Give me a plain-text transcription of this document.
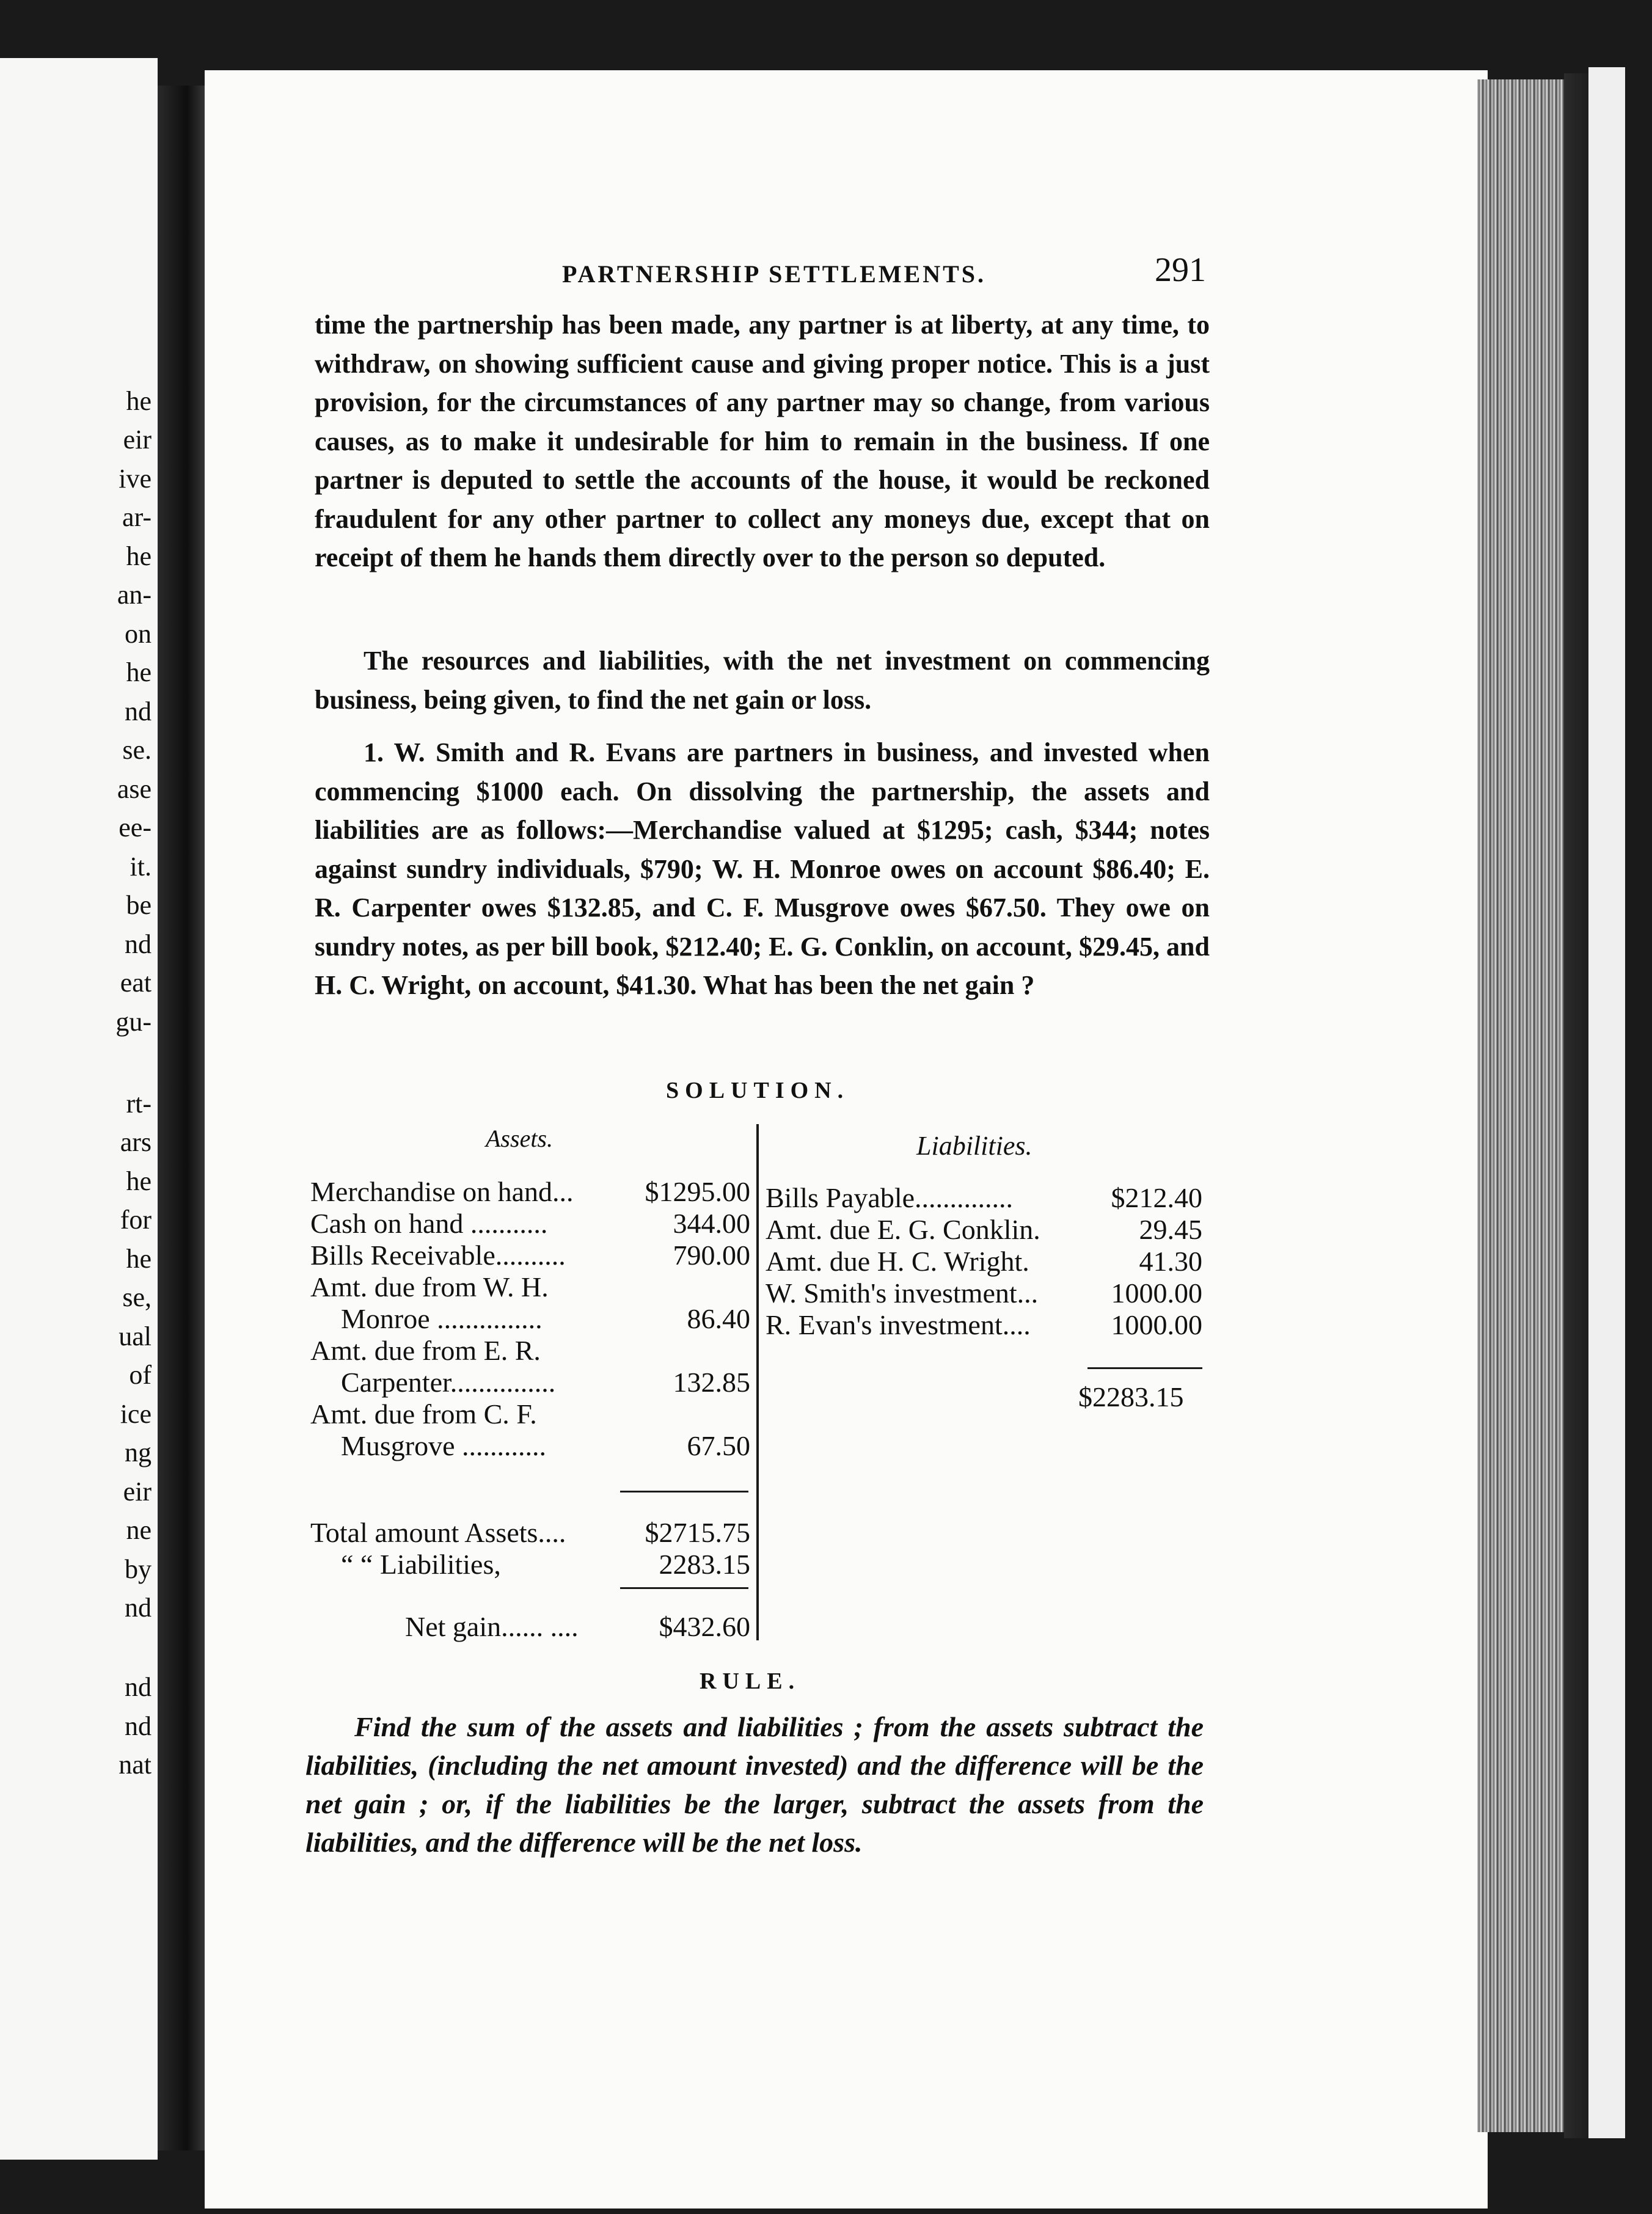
he
eir
ive
ar-
he
an-
on
he
nd
se.
ase
ee-
it.
be
nd
eat
gu-
rt-
ars
he
for
he
se,
ual
of
ice
ng
eir
ne
by
nd
nd
nd
nat
PARTNERSHIP SETTLEMENTS.	291
time the partnership has been made, any partner is at liberty, at any time, to withdraw, on showing sufficient cause and giving proper notice. This is a just provision, for the circumstances of any partner may so change, from various causes, as to make it undesirable for him to remain in the business. If one partner is deputed to settle the accounts of the house, it would be reckoned fraudulent for any other partner to collect any moneys due, except that on receipt of them he hands them directly over to the person so deputed.
The resources and liabilities, with the net investment on commencing business, being given, to find the net gain or loss.
1. W. Smith and R. Evans are partners in business, and invested when commencing $1000 each. On dissolving the partnership, the assets and liabilities are as follows:—Merchandise valued at $1295; cash, $344; notes against sundry individuals, $790; W. H. Monroe owes on account $86.40; E. R. Carpenter owes $132.85, and C. F. Musgrove owes $67.50. They owe on sundry notes, as per bill book, $212.40; E. G. Conklin, on account, $29.45, and H. C. Wright, on account, $41.30. What has been the net gain ?
SOLUTION.
Assets.	Liabilities.
Merchandise on hand...	$1295.00
Cash on hand ...........	344.00
Bills Receivable..........	790.00
Amt. due from W. H.
Monroe ...............	86.40
Amt. due from E. R.
Carpenter...............	132.85
Amt. due from C. F.
Musgrove ............	67.50
Total amount Assets....	$2715.75
“ “ Liabilities,	2283.15
Net gain...... ....	$432.60
Bills Payable..............	$212.40
Amt. due E. G. Conklin.	29.45
Amt. due H. C. Wright.	41.30
W. Smith's investment...	1000.00
R. Evan's investment....	1000.00
$2283.15
RULE.
Find the sum of the assets and liabilities ; from the assets subtract the liabilities, (including the net amount invested) and the difference will be the net gain ; or, if the liabilities be the larger, subtract the assets from the liabilities, and the difference will be the net loss.
